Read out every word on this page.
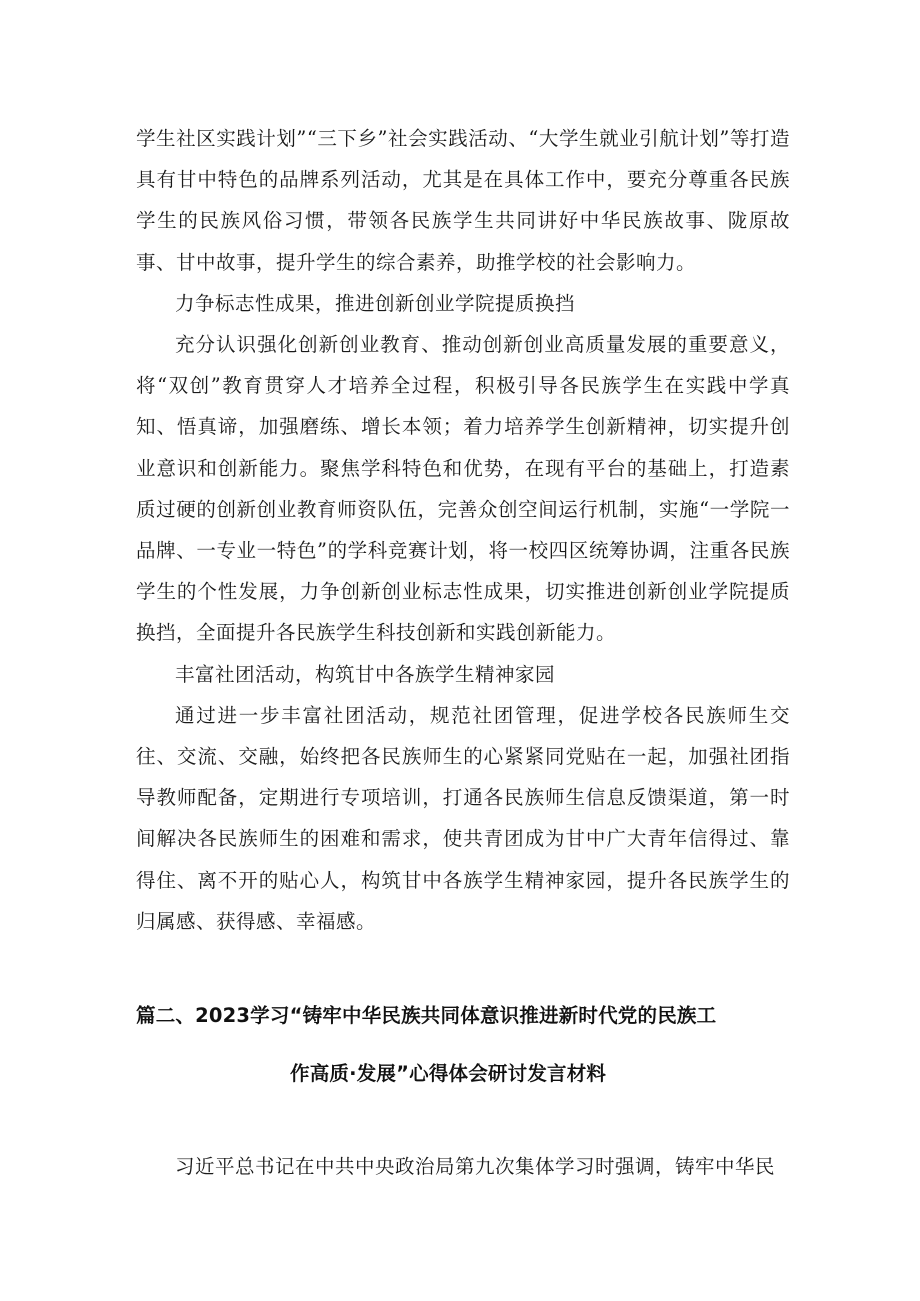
学生社区实践计划”“三下乡”社会实践活动、“大学生就业引航计划”等打造具有甘中特色的品牌系列活动，尤其是在具体工作中，要充分尊重各民族学生的民族风俗习惯，带领各民族学生共同讲好中华民族故事、陇原故事、甘中故事，提升学生的综合素养，助推学校的社会影响力。

力争标志性成果，推进创新创业学院提质换挡

充分认识强化创新创业教育、推动创新创业高质量发展的重要意义，将“双创”教育贯穿人才培养全过程，积极引导各民族学生在实践中学真知、悟真谛，加强磨练、增长本领；着力培养学生创新精神，切实提升创业意识和创新能力。聚焦学科特色和优势，在现有平台的基础上，打造素质过硬的创新创业教育师资队伍，完善众创空间运行机制，实施“一学院一品牌、一专业一特色”的学科竞赛计划，将一校四区统筹协调，注重各民族学生的个性发展，力争创新创业标志性成果，切实推进创新创业学院提质换挡，全面提升各民族学生科技创新和实践创新能力。

丰富社团活动，构筑甘中各族学生精神家园

通过进一步丰富社团活动，规范社团管理，促进学校各民族师生交往、交流、交融，始终把各民族师生的心紧紧同党贴在一起，加强社团指导教师配备，定期进行专项培训，打通各民族师生信息反馈渠道，第一时间解决各民族师生的困难和需求，使共青团成为甘中广大青年信得过、靠得住、离不开的贴心人，构筑甘中各族学生精神家园，提升各民族学生的归属感、获得感、幸福感。

篇二、2023学习“铸牢中华民族共同体意识推进新时代党的民族工

作高质·发展”心得体会研讨发言材料

习近平总书记在中共中央政治局第九次集体学习时强调，铸牢中华民
